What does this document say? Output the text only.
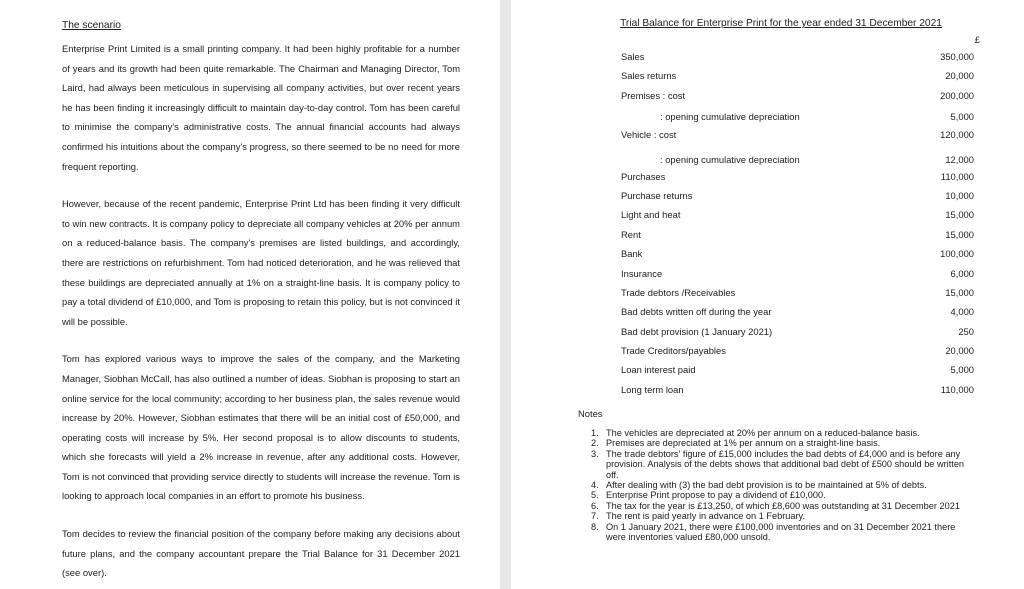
The scenario

Enterprise Print Limited is a small printing company. It had been highly profitable for a number of years and its growth had been quite remarkable. The Chairman and Managing Director, Tom Laird, had always been meticulous in supervising all company activities, but over recent years he has been finding it increasingly difficult to maintain day-to-day control. Tom has been careful to minimise the company's administrative costs. The annual financial accounts had always confirmed his intuitions about the company's progress, so there seemed to be no need for more frequent reporting.

However, because of the recent pandemic, Enterprise Print Ltd has been finding it very difficult to win new contracts. It is company policy to depreciate all company vehicles at 20% per annum on a reduced-balance basis. The company's premises are listed buildings, and accordingly, there are restrictions on refurbishment. Tom had noticed deterioration, and he was relieved that these buildings are depreciated annually at 1% on a straight-line basis. It is company policy to pay a total dividend of £10,000, and Tom is proposing to retain this policy, but is not convinced it will be possible.

Tom has explored various ways to improve the sales of the company, and the Marketing Manager, Siobhan McCall, has also outlined a number of ideas. Siobhan is proposing to start an online service for the local community; according to her business plan, the sales revenue would increase by 20%. However, Siobhan estimates that there will be an initial cost of £50,000, and operating costs will increase by 5%. Her second proposal is to allow discounts to students, which she forecasts will yield a 2% increase in revenue, after any additional costs. However, Tom is not convinced that providing service directly to students will increase the revenue. Tom is looking to approach local companies in an effort to promote his business.

Tom decides to review the financial position of the company before making any decisions about future plans, and the company accountant prepare the Trial Balance for 31 December 2021 (see over).

Trial Balance for Enterprise Print for the year ended 31 December 2021
£
Sales	350,000
Sales returns	20,000
Premises : cost	200,000
: opening cumulative depreciation	5,000
Vehicle : cost	120,000
: opening cumulative depreciation	12,000
Purchases	110,000
Purchase returns	10,000
Light and heat	15,000
Rent	15,000
Bank	100,000
Insurance	6,000
Trade debtors /Receivables	15,000
Bad debts written off during the year	4,000
Bad debt provision (1 January 2021)	250
Trade Creditors/payables	20,000
Loan interest paid	5,000
Long term loan	110,000
Notes
1. The vehicles are depreciated at 20% per annum on a reduced-balance basis.
2. Premises are depreciated at 1% per annum on a straight-line basis.
3. The trade debtors' figure of £15,000 includes the bad debts of £4,000 and is before any provision. Analysis of the debts shows that additional bad debt of £500 should be written off.
4. After dealing with (3) the bad debt provision is to be maintained at 5% of debts.
5. Enterprise Print propose to pay a dividend of £10,000.
6. The tax for the year is £13,250, of which £8,600 was outstanding at 31 December 2021
7. The rent is paid yearly in advance on 1 February.
8. On 1 January 2021, there were £100,000 inventories and on 31 December 2021 there were inventories valued £80,000 unsold.
